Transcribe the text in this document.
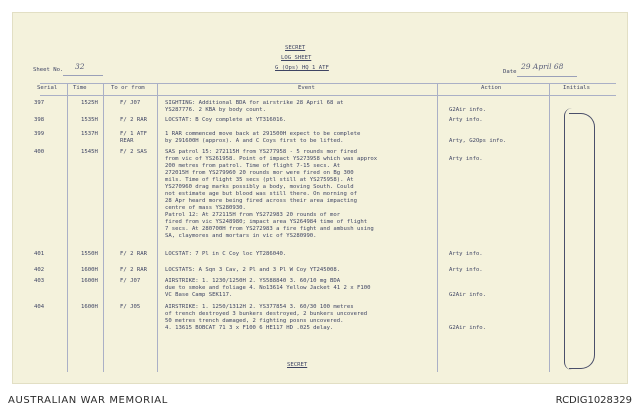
SECRET
LOG SHEET
G (Ops) HQ 1 ATF
Sheet No. 32
Date
29 April 68
Serial	Time	To or from	Event	Action	Initials
397	1525H	F/ J07	SIGHTING: Additional BDA for airstrike 28 April 68 at
YS287776. 2 KBA by body count.	G2Air info.
398	1535H	F/ 2 RAR	LOCSTAT: B Coy complete at YT316016.	Arty info.
399	1537H	F/ 1 ATF
REAR
1 RAR commenced move back at 291500H expect to be complete
by 291600H (approx). A and C Coys first to be lifted.	Arty, G2Ops info.
400	1545H	F/ 2 SAS	SAS patrol 15: 272115H from YS277958 - 5 rounds mor fired
from vic of YS261958. Point of impact YS273958 which was approx
200 metres from patrol. Time of flight 7-15 secs. At
272015H from YS279960 20 rounds mor were fired on Bg 300
mils. Time of flight 35 secs (ptl still at YS275958). At
YS270960 drag marks possibly a body, moving South. Could
not estimate age but blood was still there. On morning of
28 Apr heard more being fired across their area impacting
centre of mass YS280930.
Patrol 12: At 272115H from YS272983 20 rounds of mor
fired from vic YS248980; impact area YS264984 time of flight
7 secs. At 280700H from YS272983 a fire fight and ambush using
SA, claymores and mortars in vic of YS280990.
Arty info.
401	1550H	F/ 2 RAR	LOCSTAT: 7 Pl in C Coy loc YT286040.	Arty info.
402	1600H	F/ 2 RAR	LOCSTATS: A Sqn 3 Cav, 2 Pl and 3 Pl W Coy YT245008.	Arty info.
403	1600H	F/ J07	AIRSTRIKE: 1. 1230/1250H 2. YS588840 3. 60/10 mg BDA
due to smoke and foliage 4. No13614 Yellow Jacket 41 2 x F100
VC Base Camp SEK117.	G2Air info.
404	1600H	F/ J05	AIRSTRIKE: 1. 1250/1312H 2. YS377854 3. 60/30 100 metres
of trench destroyed 3 bunkers destroyed, 2 bunkers uncovered
50 metres trench damaged, 2 fighting posns uncovered.
4. 13615 BOBCAT 71 3 x F100 6 HE117 HD .025 delay.	G2Air info.
SECRET
AUSTRALIAN WAR MEMORIAL	RCDIG1028329
